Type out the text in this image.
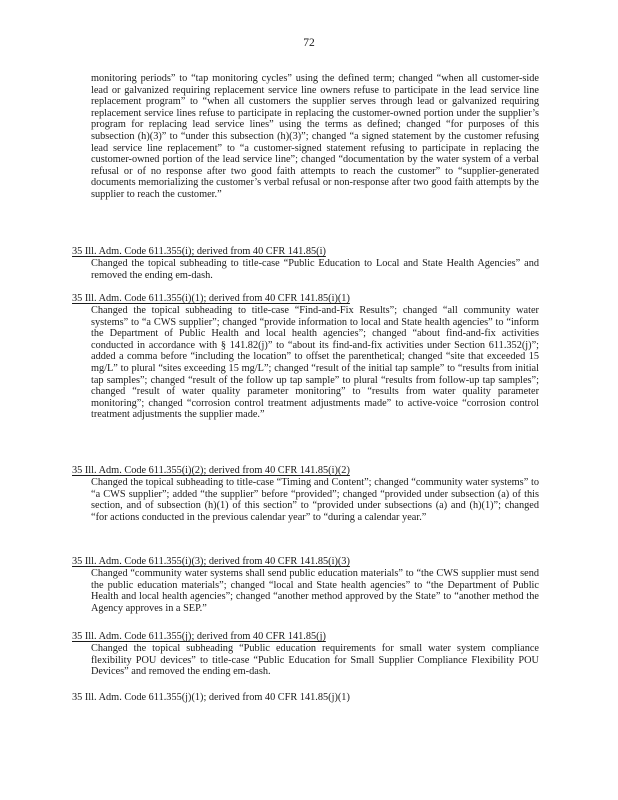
72

monitoring periods” to “tap monitoring cycles” using the defined term; changed “when all customer-side lead or galvanized requiring replacement service line owners refuse to participate in the lead service line replacement program” to “when all customers the supplier serves through lead or galvanized requiring replacement service lines refuse to participate in replacing the customer-owned portion under the supplier’s program for replacing lead service lines” using the terms as defined; changed “for purposes of this subsection (h)(3)” to “under this subsection (h)(3)”; changed “a signed statement by the customer refusing lead service line replacement” to “a customer-signed statement refusing to participate in replacing the customer-owned portion of the lead service line”; changed “documentation by the water system of a verbal refusal or of no response after two good faith attempts to reach the customer” to “supplier-generated documents memorializing the customer’s verbal refusal or non-response after two good faith attempts by the supplier to reach the customer.”

35 Ill. Adm. Code 611.355(i); derived from 40 CFR 141.85(i)

Changed the topical subheading to title-case “Public Education to Local and State Health Agencies” and removed the ending em-dash.

35 Ill. Adm. Code 611.355(i)(1); derived from 40 CFR 141.85(i)(1)

Changed the topical subheading to title-case “Find-and-Fix Results”; changed “all community water systems” to “a CWS supplier”; changed “provide information to local and State health agencies” to “inform the Department of Public Health and local health agencies”; changed “about find-and-fix activities conducted in accordance with § 141.82(j)” to “about its find-and-fix activities under Section 611.352(j)”; added a comma before “including the location” to offset the parenthetical; changed “site that exceeded 15 mg/L” to plural “sites exceeding 15 mg/L”; changed “result of the initial tap sample” to “results from initial tap samples”; changed “result of the follow up tap sample” to plural “results from follow-up tap samples”; changed “result of water quality parameter monitoring” to “results from water quality parameter monitoring”; changed “corrosion control treatment adjustments made” to active-voice “corrosion control treatment adjustments the supplier made.”

35 Ill. Adm. Code 611.355(i)(2); derived from 40 CFR 141.85(i)(2)

Changed the topical subheading to title-case “Timing and Content”; changed “community water systems” to “a CWS supplier”; added “the supplier” before “provided”; changed “provided under subsection (a) of this section, and of subsection (h)(1) of this section” to “provided under subsections (a) and (h)(1)”; changed “for actions conducted in the previous calendar year” to “during a calendar year.”

35 Ill. Adm. Code 611.355(i)(3); derived from 40 CFR 141.85(i)(3)

Changed “community water systems shall send public education materials” to “the CWS supplier must send the public education materials”; changed “local and State health agencies” to “the Department of Public Health and local health agencies”; changed “another method approved by the State” to “another method the Agency approves in a SEP.”

35 Ill. Adm. Code 611.355(j); derived from 40 CFR 141.85(j)

Changed the topical subheading “Public education requirements for small water system compliance flexibility POU devices” to title-case “Public Education for Small Supplier Compliance Flexibility POU Devices” and removed the ending em-dash.

35 Ill. Adm. Code 611.355(j)(1); derived from 40 CFR 141.85(j)(1)
